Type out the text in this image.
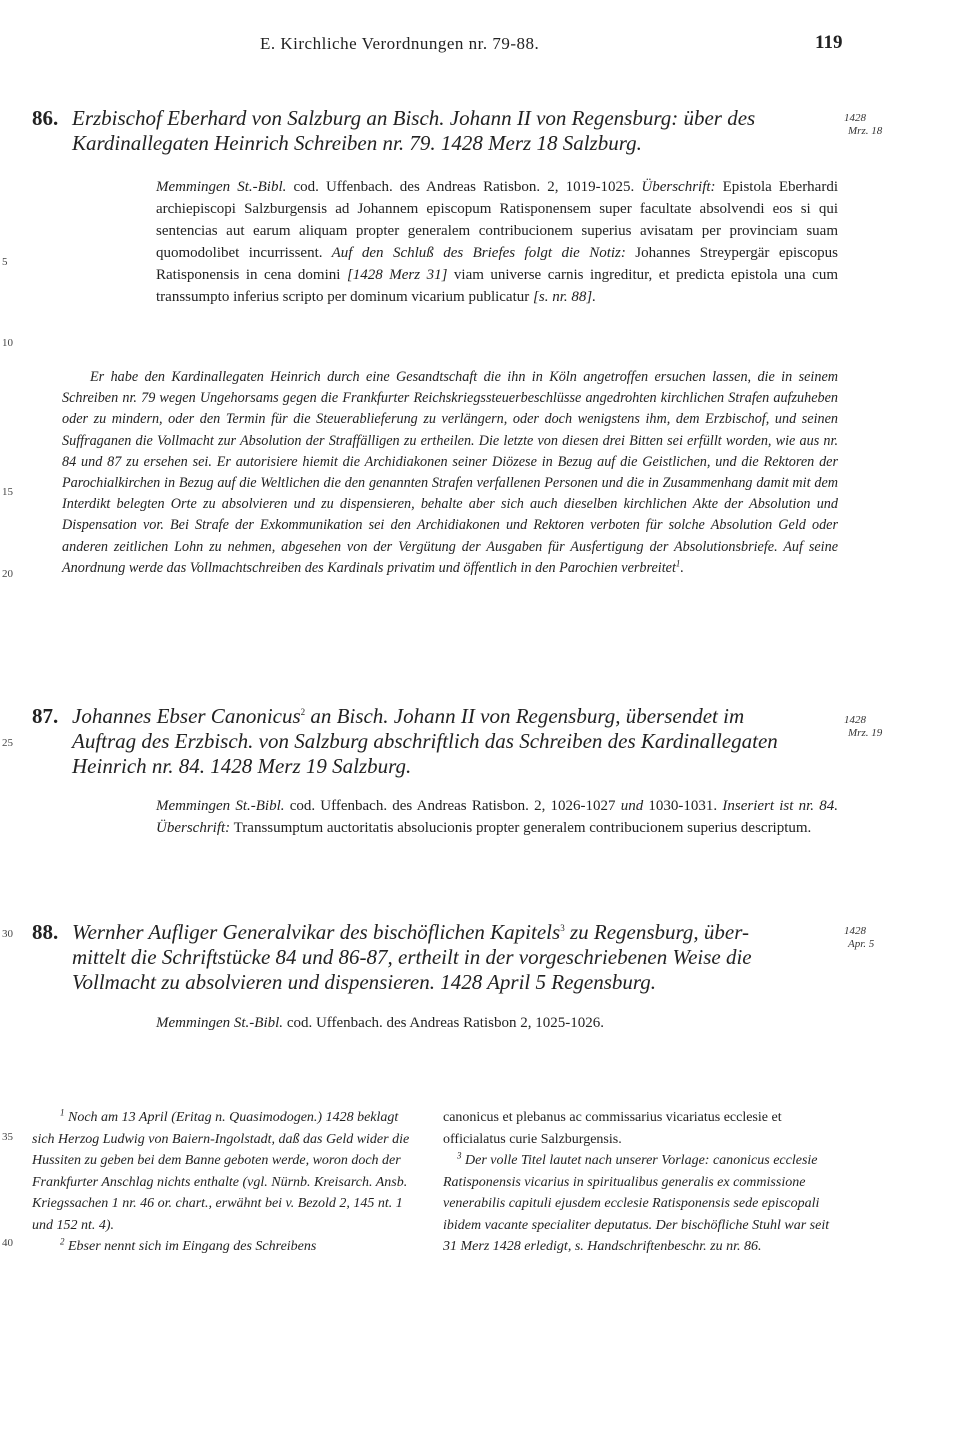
E. Kirchliche Verordnungen nr. 79-88.	119
5
10
15
20
25
30
35
40
86. Erzbischof Eberhard von Salzburg an Bisch. Johann II von Regensburg: über des
Kardinallegaten Heinrich Schreiben nr. 79. 1428 Merz 18 Salzburg.
1428
Mrz. 18
Memmingen St.-Bibl. cod. Uffenbach. des Andreas Ratisbon. 2, 1019-1025. Überschrift: Epistola Eberhardi archiepiscopi Salzburgensis ad Johannem episcopum Ratisponensem super facultate absolvendi eos si qui sentencias aut earum aliquam propter generalem contribucionem superius avisatam per provinciam suam quomodolibet incurrissent. Auf den Schluß des Briefes folgt die Notiz: Johannes Streypergär episcopus Ratisponensis in cena domini [1428 Merz 31] viam universe carnis ingreditur, et predicta epistola una cum transsumpto inferius scripto per dominum vicarium publicatur [s. nr. 88].

Er habe den Kardinallegaten Heinrich durch eine Gesandtschaft die ihn in Köln angetroffen ersuchen lassen, die in seinem Schreiben nr. 79 wegen Ungehorsams gegen die Frankfurter Reichskriegssteuerbeschlüsse angedrohten kirchlichen Strafen aufzuheben oder zu mindern, oder den Termin für die Steuerablieferung zu verlängern, oder doch wenigstens ihm, dem Erzbischof, und seinen Suffraganen die Vollmacht zur Absolution der Straffälligen zu ertheilen. Die letzte von diesen drei Bitten sei erfüllt worden, wie aus nr. 84 und 87 zu ersehen sei. Er autorisiere hiemit die Archidiakonen seiner Diözese in Bezug auf die Geistlichen, und die Rektoren der Parochialkirchen in Bezug auf die Weltlichen die den genannten Strafen verfallenen Personen und die in Zusammenhang damit mit dem Interdikt belegten Orte zu absolvieren und zu dispensieren, behalte aber sich auch dieselben kirchlichen Akte der Absolution und Dispensation vor. Bei Strafe der Exkommunikation sei den Archidiakonen und Rektoren verboten für solche Absolution Geld oder anderen zeitlichen Lohn zu nehmen, abgesehen von der Vergütung der Ausgaben für Ausfertigung der Absolutionsbriefe. Auf seine Anordnung werde das Vollmachtschreiben des Kardinals privatim und öffentlich in den Parochien verbreitet$^1$.

87. Johannes Ebser Canonicus$^2$ an Bisch. Johann II von Regensburg, übersendet im
Auftrag des Erzbisch. von Salzburg abschriftlich das Schreiben des Kardinallegaten
Heinrich nr. 84. 1428 Merz 19 Salzburg.
1428
Mrz. 19
Memmingen St.-Bibl. cod. Uffenbach. des Andreas Ratisbon. 2, 1026-1027 und 1030-1031. Inseriert ist nr. 84. Überschrift: Transsumptum auctoritatis absolucionis propter generalem contribucionem superius descriptum.
88. Wernher Aufliger Generalvikar des bischöflichen Kapitels$^3$ zu Regensburg, über-
mittelt die Schriftstücke 84 und 86-87, ertheilt in der vorgeschriebenen Weise die
Vollmacht zu absolvieren und dispensieren. 1428 April 5 Regensburg.
1428
Apr. 5
Memmingen St.-Bibl. cod. Uffenbach. des Andreas Ratisbon 2, 1025-1026.

$^1$ Noch am 13 April (Eritag n. Quasimodogen.) 1428 beklagt sich Herzog Ludwig von Baiern-Ingolstadt, daß das Geld wider die Hussiten zu geben bei dem Banne geboten werde, woron doch der Frankfurter Anschlag nichts enthalte (vgl. Nürnb. Kreisarch. Ansb. Kriegssachen 1 nr. 46 or. chart., erwähnt bei v. Bezold 2, 145 nt. 1 und 152 nt. 4).

$^2$ Ebser nennt sich im Eingang des Schreibens

canonicus et plebanus ac commissarius vicariatus ecclesie et officialatus curie Salzburgensis.

$^3$ Der volle Titel lautet nach unserer Vorlage: canonicus ecclesie Ratisponensis vicarius in spiritualibus generalis ex commissione venerabilis capituli ejusdem ecclesie Ratisponensis sede episcopali ibidem vacante specialiter deputatus. Der bischöfliche Stuhl war seit 31 Merz 1428 erledigt, s. Handschriftenbeschr. zu nr. 86.
